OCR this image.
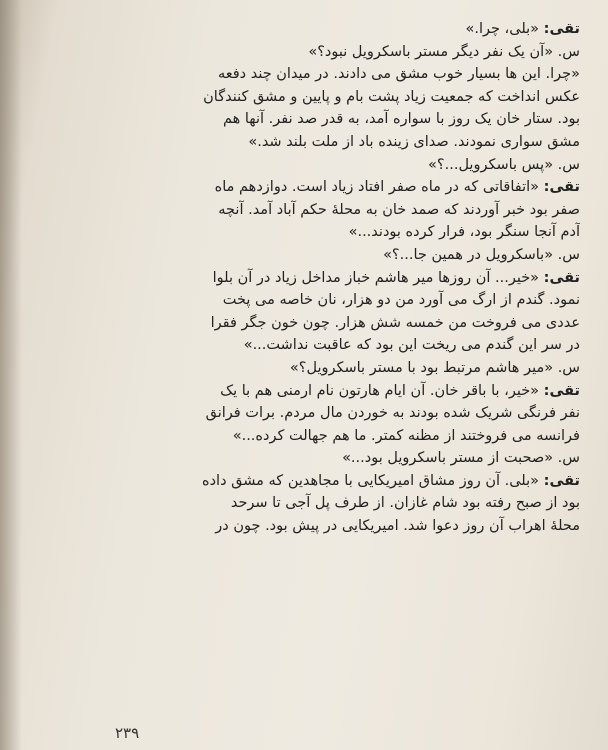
تقی: «بلی، چرا.»
س. «آن یک نفر دیگر مستر باسکرویل نبود؟»
«چرا. این ها بسیار خوب مشق می دادند. در میدان چند دفعه
عکس انداخت که جمعیت زیاد پشت بام و پایین و مشق کنندگان
بود. ستار خان یک روز با سواره آمد، به قدر صد نفر. آنها هم
مشق سواری نمودند. صدای زینده باد از ملت بلند شد.»
س. «پس باسکرویل...؟»
تقی: «اتفاقاتی که در ماه صفر افتاد زیاد است. دوازدهم ماه
صفر بود خبر آوردند که صمد خان به محلهٔ حکم آباد آمد. آنچه
آدم آنجا سنگر بود، فرار کرده بودند...»
س. «باسکرویل در همین جا...؟»
تقی: «خیر... آن روزها میر هاشم خباز مداخل زیاد در آن بلوا
نمود. گندم از ارگ می آورد من دو هزار، نان خاصه می پخت
عددی می فروخت من خمسه شش هزار. چون خون جگر فقرا
در سر این گندم می ریخت این بود که عاقبت نداشت...»
س. «میر هاشم مرتبط بود با مستر باسکرویل؟»
تقی: «خیر، با باقر خان. آن ایام هارتون نام ارمنی هم با یک
نفر فرنگی شریک شده بودند به خوردن مال مردم. برات فرانق
فرانسه می فروختند از مظنه کمتر. ما هم جهالت کرده...»
س. «صحبت از مستر باسکرویل بود...»
تقی: «بلی. آن روز مشاق امیریکایی با مجاهدین که مشق داده
بود از صبح رفته بود شام غازان. از طرف پل آجی تا سرحد
محلهٔ اهراب آن روز دعوا شد. امیریکایی در پیش بود. چون در
۲۳۹
